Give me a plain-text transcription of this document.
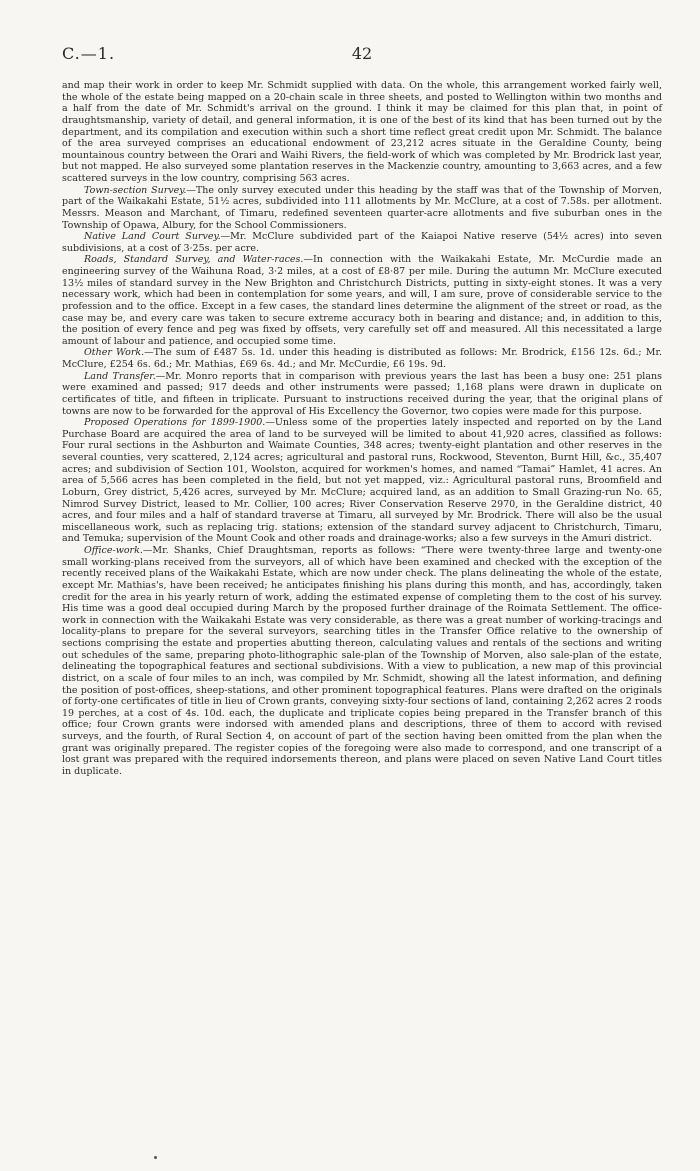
C.—1.	42

and map their work in order to keep Mr. Schmidt supplied with data. On the whole, this arrangement worked fairly well, the whole of the estate being mapped on a 20-chain scale in three sheets, and posted to Wellington within two months and a half from the date of Mr. Schmidt's arrival on the ground. I think it may be claimed for this plan that, in point of draughtsmanship, variety of detail, and general information, it is one of the best of its kind that has been turned out by the department, and its compilation and execution within such a short time reflect great credit upon Mr. Schmidt. The balance of the area surveyed comprises an educational endowment of 23,212 acres situate in the Geraldine County, being mountainous country between the Orari and Waihi Rivers, the field-work of which was completed by Mr. Brodrick last year, but not mapped. He also surveyed some plantation reserves in the Mackenzie country, amounting to 3,663 acres, and a few scattered surveys in the low country, comprising 563 acres.

Town-section Survey.—The only survey executed under this heading by the staff was that of the Township of Morven, part of the Waikakahi Estate, 51½ acres, subdivided into 111 allotments by Mr. McClure, at a cost of 7.58s. per allotment. Messrs. Meason and Marchant, of Timaru, redefined seventeen quarter-acre allotments and five suburban ones in the Township of Opawa, Albury, for the School Commissioners.

Native Land Court Survey.—Mr. McClure subdivided part of the Kaiapoi Native reserve (54½ acres) into seven subdivisions, at a cost of 3·25s. per acre.

Roads, Standard Survey, and Water-races.—In connection with the Waikakahi Estate, Mr. McCurdie made an engineering survey of the Waihuna Road, 3·2 miles, at a cost of £8·87 per mile. During the autumn Mr. McClure executed 13½ miles of standard survey in the New Brighton and Christchurch Districts, putting in sixty-eight stones. It was a very necessary work, which had been in contemplation for some years, and will, I am sure, prove of considerable service to the profession and to the office. Except in a few cases, the standard lines determine the alignment of the street or road, as the case may be, and every care was taken to secure extreme accuracy both in bearing and distance; and, in addition to this, the position of every fence and peg was fixed by offsets, very carefully set off and measured. All this necessitated a large amount of labour and patience, and occupied some time.

Other Work.—The sum of £487 5s. 1d. under this heading is distributed as follows: Mr. Brodrick, £156 12s. 6d.; Mr. McClure, £254 6s. 6d.; Mr. Mathias, £69 6s. 4d.; and Mr. McCurdie, £6 19s. 9d.

Land Transfer.—Mr. Monro reports that in comparison with previous years the last has been a busy one: 251 plans were examined and passed; 917 deeds and other instruments were passed; 1,168 plans were drawn in duplicate on certificates of title, and fifteen in triplicate. Pursuant to instructions received during the year, that the original plans of towns are now to be forwarded for the approval of His Excellency the Governor, two copies were made for this purpose.

Proposed Operations for 1899-1900.—Unless some of the properties lately inspected and reported on by the Land Purchase Board are acquired the area of land to be surveyed will be limited to about 41,920 acres, classified as follows: Four rural sections in the Ashburton and Waimate Counties, 348 acres; twenty-eight plantation and other reserves in the several counties, very scattered, 2,124 acres; agricultural and pastoral runs, Rockwood, Steventon, Burnt Hill, &c., 35,407 acres; and subdivision of Section 101, Woolston, acquired for workmen's homes, and named “Tamai” Hamlet, 41 acres. An area of 5,566 acres has been completed in the field, but not yet mapped, viz.: Agricultural pastoral runs, Broomfield and Loburn, Grey district, 5,426 acres, surveyed by Mr. McClure; acquired land, as an addition to Small Grazing-run No. 65, Nimrod Survey District, leased to Mr. Collier, 100 acres; River Conservation Reserve 2970, in the Geraldine district, 40 acres, and four miles and a half of standard traverse at Timaru, all surveyed by Mr. Brodrick. There will also be the usual miscellaneous work, such as replacing trig. stations; extension of the standard survey adjacent to Christchurch, Timaru, and Temuka; supervision of the Mount Cook and other roads and drainage-works; also a few surveys in the Amuri district.

Office-work.—Mr. Shanks, Chief Draughtsman, reports as follows: “There were twenty-three large and twenty-one small working-plans received from the surveyors, all of which have been examined and checked with the exception of the recently received plans of the Waikakahi Estate, which are now under check. The plans delineating the whole of the estate, except Mr. Mathias's, have been received; he anticipates finishing his plans during this month, and has, accordingly, taken credit for the area in his yearly return of work, adding the estimated expense of completing them to the cost of his survey. His time was a good deal occupied during March by the proposed further drainage of the Roimata Settlement. The office-work in connection with the Waikakahi Estate was very considerable, as there was a great number of working-tracings and locality-plans to prepare for the several surveyors, searching titles in the Transfer Office relative to the ownership of sections comprising the estate and properties abutting thereon, calculating values and rentals of the sections and writing out schedules of the same, preparing photo-lithographic sale-plan of the Township of Morven, also sale-plan of the estate, delineating the topographical features and sectional subdivisions. With a view to publication, a new map of this provincial district, on a scale of four miles to an inch, was compiled by Mr. Schmidt, showing all the latest information, and defining the position of post-offices, sheep-stations, and other prominent topographical features. Plans were drafted on the originals of forty-one certificates of title in lieu of Crown grants, conveying sixty-four sections of land, containing 2,262 acres 2 roods 19 perches, at a cost of 4s. 10d. each, the duplicate and triplicate copies being prepared in the Transfer branch of this office; four Crown grants were indorsed with amended plans and descriptions, three of them to accord with revised surveys, and the fourth, of Rural Section 4, on account of part of the section having been omitted from the plan when the grant was originally prepared. The register copies of the foregoing were also made to correspond, and one transcript of a lost grant was prepared with the required indorsements thereon, and plans were placed on seven Native Land Court titles in duplicate.
